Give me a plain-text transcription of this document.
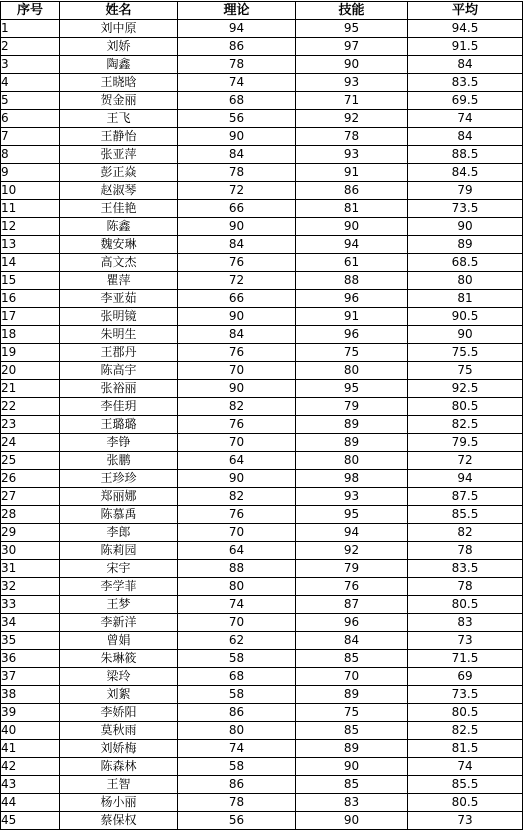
序号	姓名	理论	技能	平均
1	刘中原	94	95	94.5
2	刘娇	86	97	91.5
3	陶鑫	78	90	84
4	王晓晗	74	93	83.5
5	贺金丽	68	71	69.5
6	王飞	56	92	74
7	王静怡	90	78	84
8	张亚萍	84	93	88.5
9	彭正焱	78	91	84.5
10	赵淑琴	72	86	79
11	王佳艳	66	81	73.5
12	陈鑫	90	90	90
13	魏安琳	84	94	89
14	高文杰	76	61	68.5
15	瞿萍	72	88	80
16	李亚茹	66	96	81
17	张明镜	90	91	90.5
18	朱明生	84	96	90
19	王郡丹	76	75	75.5
20	陈高宇	70	80	75
21	张裕丽	90	95	92.5
22	李佳玥	82	79	80.5
23	王璐璐	76	89	82.5
24	李铮	70	89	79.5
25	张鹏	64	80	72
26	王珍珍	90	98	94
27	郑丽娜	82	93	87.5
28	陈慕禹	76	95	85.5
29	李郎	70	94	82
30	陈莉园	64	92	78
31	宋宇	88	79	83.5
32	李学菲	80	76	78
33	王梦	74	87	80.5
34	李新洋	70	96	83
35	曾娟	62	84	73
36	朱琳筱	58	85	71.5
37	梁玲	68	70	69
38	刘絮	58	89	73.5
39	李娇阳	86	75	80.5
40	莫秋雨	80	85	82.5
41	刘娇梅	74	89	81.5
42	陈森林	58	90	74
43	王智	86	85	85.5
44	杨小丽	78	83	80.5
45	蔡保权	56	90	73
